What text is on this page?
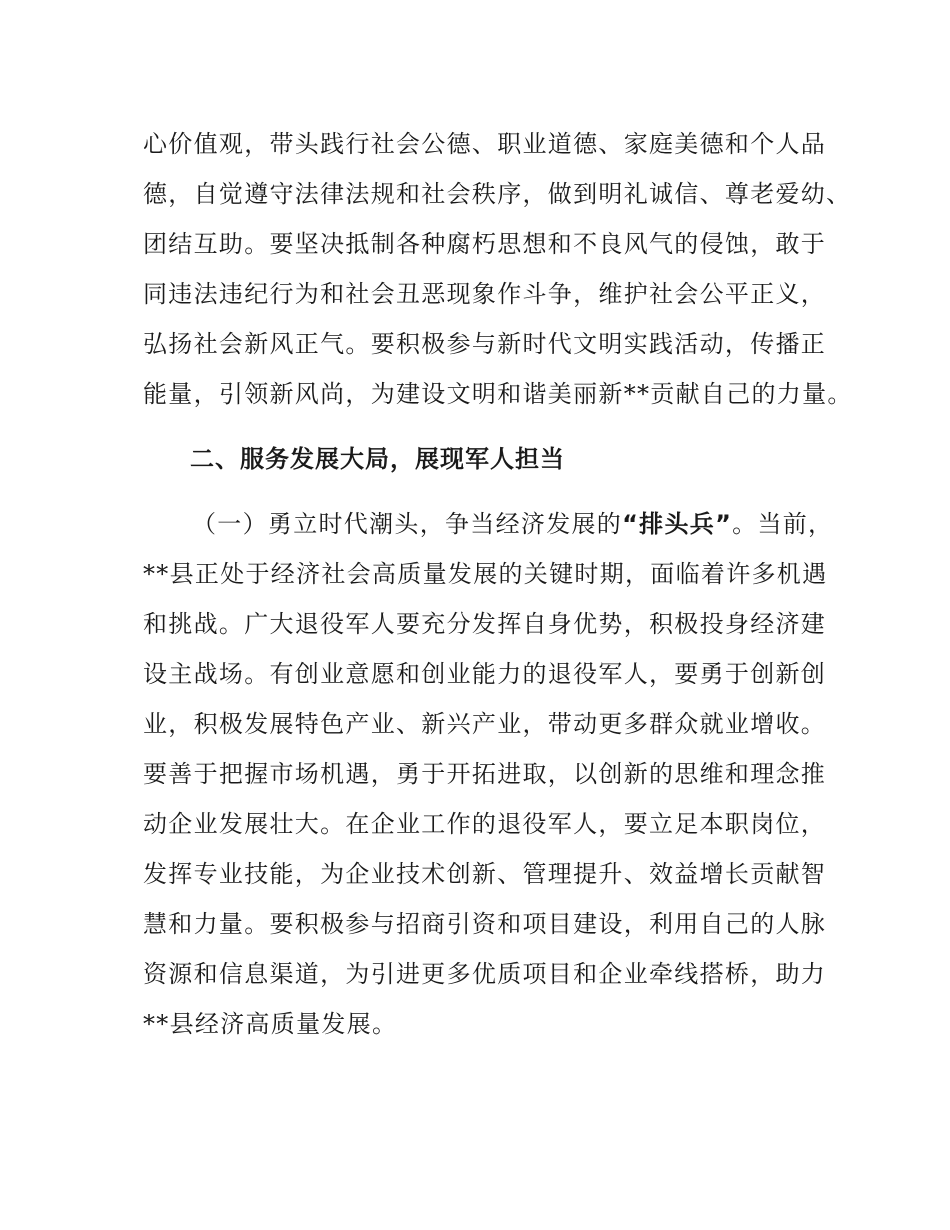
心价值观，带头践行社会公德、职业道德、家庭美德和个人品
德，自觉遵守法律法规和社会秩序，做到明礼诚信、尊老爱幼、
团结互助。要坚决抵制各种腐朽思想和不良风气的侵蚀，敢于
同违法违纪行为和社会丑恶现象作斗争，维护社会公平正义，
弘扬社会新风正气。要积极参与新时代文明实践活动，传播正
能量，引领新风尚，为建设文明和谐美丽新**贡献自己的力量。
二、服务发展大局，展现军人担当
（一）勇立时代潮头，争当经济发展的“排头兵”。当前，
**县正处于经济社会高质量发展的关键时期，面临着许多机遇
和挑战。广大退役军人要充分发挥自身优势，积极投身经济建
设主战场。有创业意愿和创业能力的退役军人，要勇于创新创
业，积极发展特色产业、新兴产业，带动更多群众就业增收。
要善于把握市场机遇，勇于开拓进取，以创新的思维和理念推
动企业发展壮大。在企业工作的退役军人，要立足本职岗位，
发挥专业技能，为企业技术创新、管理提升、效益增长贡献智
慧和力量。要积极参与招商引资和项目建设，利用自己的人脉
资源和信息渠道，为引进更多优质项目和企业牵线搭桥，助力
**县经济高质量发展。
